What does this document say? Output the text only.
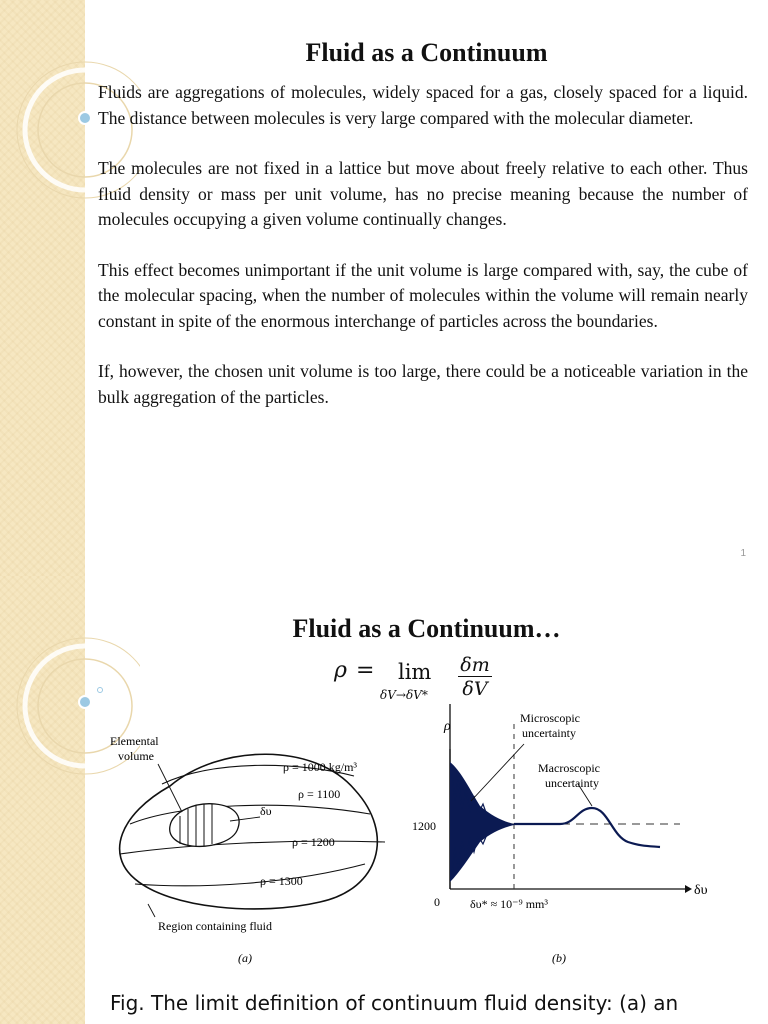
Fluid as a Continuum

Fluids are aggregations of molecules, widely spaced for a gas, closely spaced for a liquid. The distance between molecules is very large compared with the molecular diameter.

The molecules are not fixed in a lattice but move about freely relative to each other. Thus fluid density or mass per unit volume, has no precise meaning because the number of molecules occupying a given volume continually changes.

This effect becomes unimportant if the unit volume is large compared with, say, the cube of the molecular spacing, when the number of molecules within the volume will remain nearly constant in spite of the enormous interchange of particles across the boundaries.

If, however, the chosen unit volume is too large, there could be a noticeable variation in the bulk aggregation of the particles.

1
Fluid as a Continuum…
ρ = lim
$\delta V\to\delta V* \frac{\delta m}{\delta V}$
Elemental
volume
ρ = 1000 kg/m³
ρ = 1100
δυ
ρ = 1200
ρ = 1300
Region containing fluid
(a)
ρ
δυ
0
1200
δυ* ≈ 10⁻⁹ mm³
Microscopic
uncertainty
Macroscopic
uncertainty
(b)
Fig. The limit definition of continuum fluid density: (a) an
